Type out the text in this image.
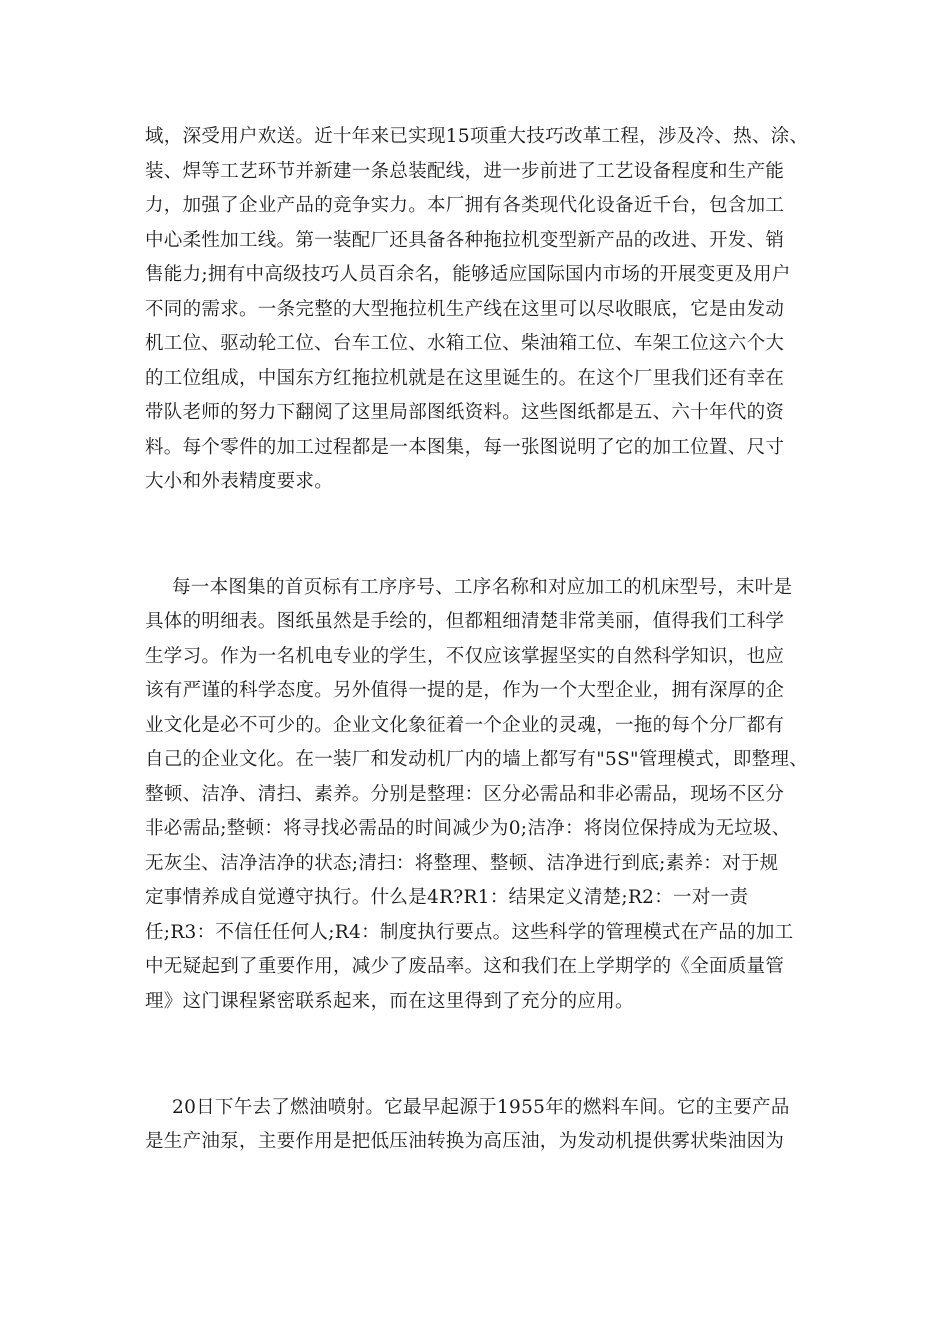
域，深受用户欢送。近十年来已实现15项重大技巧改革工程，涉及冷、热、涂、
装、焊等工艺环节并新建一条总装配线，进一步前进了工艺设备程度和生产能
力，加强了企业产品的竞争实力。本厂拥有各类现代化设备近千台，包含加工
中心柔性加工线。第一装配厂还具备各种拖拉机变型新产品的改进、开发、销
售能力;拥有中高级技巧人员百余名，能够适应国际国内市场的开展变更及用户
不同的需求。一条完整的大型拖拉机生产线在这里可以尽收眼底，它是由发动
机工位、驱动轮工位、台车工位、水箱工位、柴油箱工位、车架工位这六个大
的工位组成，中国东方红拖拉机就是在这里诞生的。在这个厂里我们还有幸在
带队老师的努力下翻阅了这里局部图纸资料。这些图纸都是五、六十年代的资
料。每个零件的加工过程都是一本图集，每一张图说明了它的加工位置、尺寸
大小和外表精度要求。
每一本图集的首页标有工序序号、工序名称和对应加工的机床型号，末叶是
具体的明细表。图纸虽然是手绘的，但都粗细清楚非常美丽，值得我们工科学
生学习。作为一名机电专业的学生，不仅应该掌握坚实的自然科学知识，也应
该有严谨的科学态度。另外值得一提的是，作为一个大型企业，拥有深厚的企
业文化是必不可少的。企业文化象征着一个企业的灵魂，一拖的每个分厂都有
自己的企业文化。在一装厂和发动机厂内的墙上都写有"5S"管理模式，即整理、
整顿、洁净、清扫、素养。分别是整理：区分必需品和非必需品，现场不区分
非必需品;整顿：将寻找必需品的时间减少为0;洁净：将岗位保持成为无垃圾、
无灰尘、洁净洁净的状态;清扫：将整理、整顿、洁净进行到底;素养：对于规
定事情养成自觉遵守执行。什么是4R?R1：结果定义清楚;R2：一对一责
任;R3：不信任任何人;R4：制度执行要点。这些科学的管理模式在产品的加工
中无疑起到了重要作用，减少了废品率。这和我们在上学期学的《全面质量管
理》这门课程紧密联系起来，而在这里得到了充分的应用。
20日下午去了燃油喷射。它最早起源于1955年的燃料车间。它的主要产品
是生产油泵，主要作用是把低压油转换为高压油，为发动机提供雾状柴油因为
